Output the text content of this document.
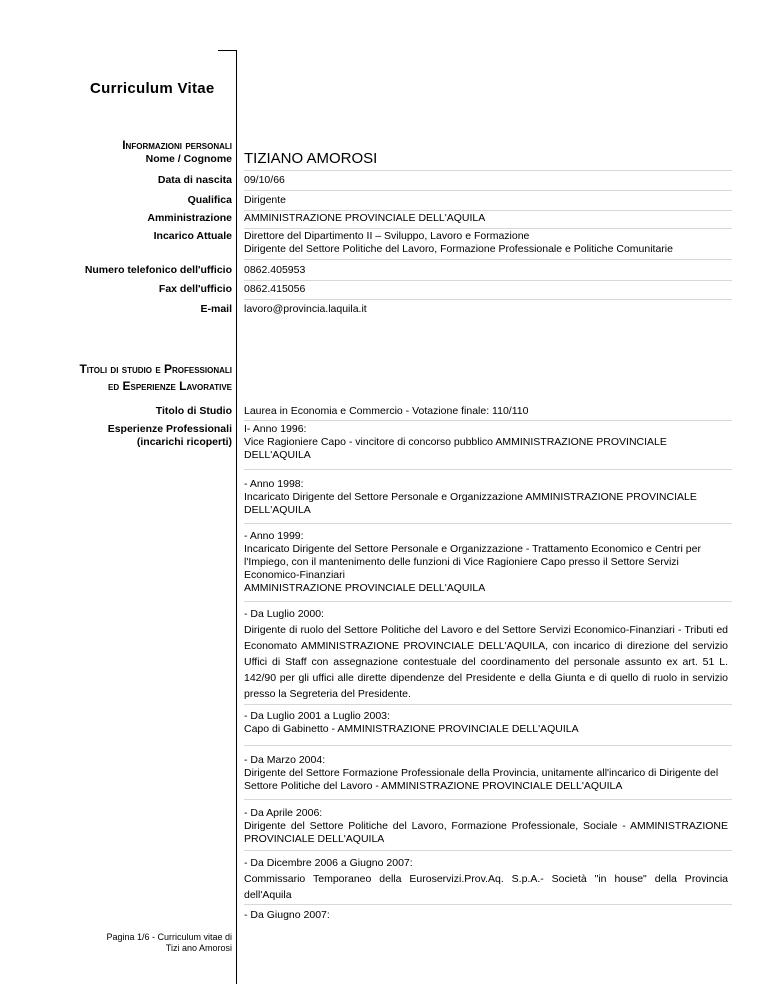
Curriculum Vitae
Informazioni personali
Nome / Cognome TIZIANO AMOROSI
Data di nascita 09/10/66
Qualifica Dirigente
Amministrazione AMMINISTRAZIONE PROVINCIALE DELL'AQUILA
Incarico Attuale Direttore del Dipartimento II – Sviluppo, Lavoro e Formazione
Dirigente del Settore Politiche del Lavoro, Formazione Professionale e Politiche Comunitarie
Numero telefonico dell'ufficio 0862.405953
Fax dell'ufficio 0862.415056
E-mail lavoro@provincia.laquila.it
Titoli di studio e Professionali
ed Esperienze Lavorative
Titolo di Studio Laurea in Economia e Commercio - Votazione finale: 110/110
Esperienze Professionali
(incarichi ricoperti)
I- Anno 1996:
Vice Ragioniere Capo - vincitore di concorso pubblico AMMINISTRAZIONE PROVINCIALE
DELL'AQUILA
- Anno 1998:
Incaricato Dirigente del Settore Personale e Organizzazione AMMINISTRAZIONE PROVINCIALE
DELL'AQUILA
- Anno 1999:
Incaricato Dirigente del Settore Personale e Organizzazione - Trattamento Economico e Centri per
l'Impiego, con il mantenimento delle funzioni di Vice Ragioniere Capo presso il Settore Servizi
Economico-Finanziari
AMMINISTRAZIONE PROVINCIALE DELL'AQUILA
- Da Luglio 2000:
Dirigente di ruolo del Settore Politiche del Lavoro e del Settore Servizi Economico-Finanziari - Tributi ed Economato AMMINISTRAZIONE PROVINCIALE DELL'AQUILA, con incarico di direzione del servizio Uffici di Staff con assegnazione contestuale del coordinamento del personale assunto ex art. 51 L. 142/90 per gli uffici alle dirette dipendenze del Presidente e della Giunta e di quello di ruolo in servizio presso la Segreteria del Presidente.
- Da Luglio 2001 a Luglio 2003:
Capo di Gabinetto - AMMINISTRAZIONE PROVINCIALE DELL'AQUILA
- Da Marzo 2004:
Dirigente del Settore Formazione Professionale della Provincia, unitamente all'incarico di Dirigente del
Settore Politiche del Lavoro - AMMINISTRAZIONE PROVINCIALE DELL'AQUILA
- Da Aprile 2006:
Dirigente del Settore Politiche del Lavoro, Formazione Professionale, Sociale - AMMINISTRAZIONE PROVINCIALE DELL'AQUILA
- Da Dicembre 2006 a Giugno 2007:
Commissario Temporaneo della Euroservizi.Prov.Aq. S.p.A.- Società "in house" della Provincia dell'Aquila
- Da Giugno 2007:
Pagina 1/6 - Curriculum vitae di
Tizi ano Amorosi
